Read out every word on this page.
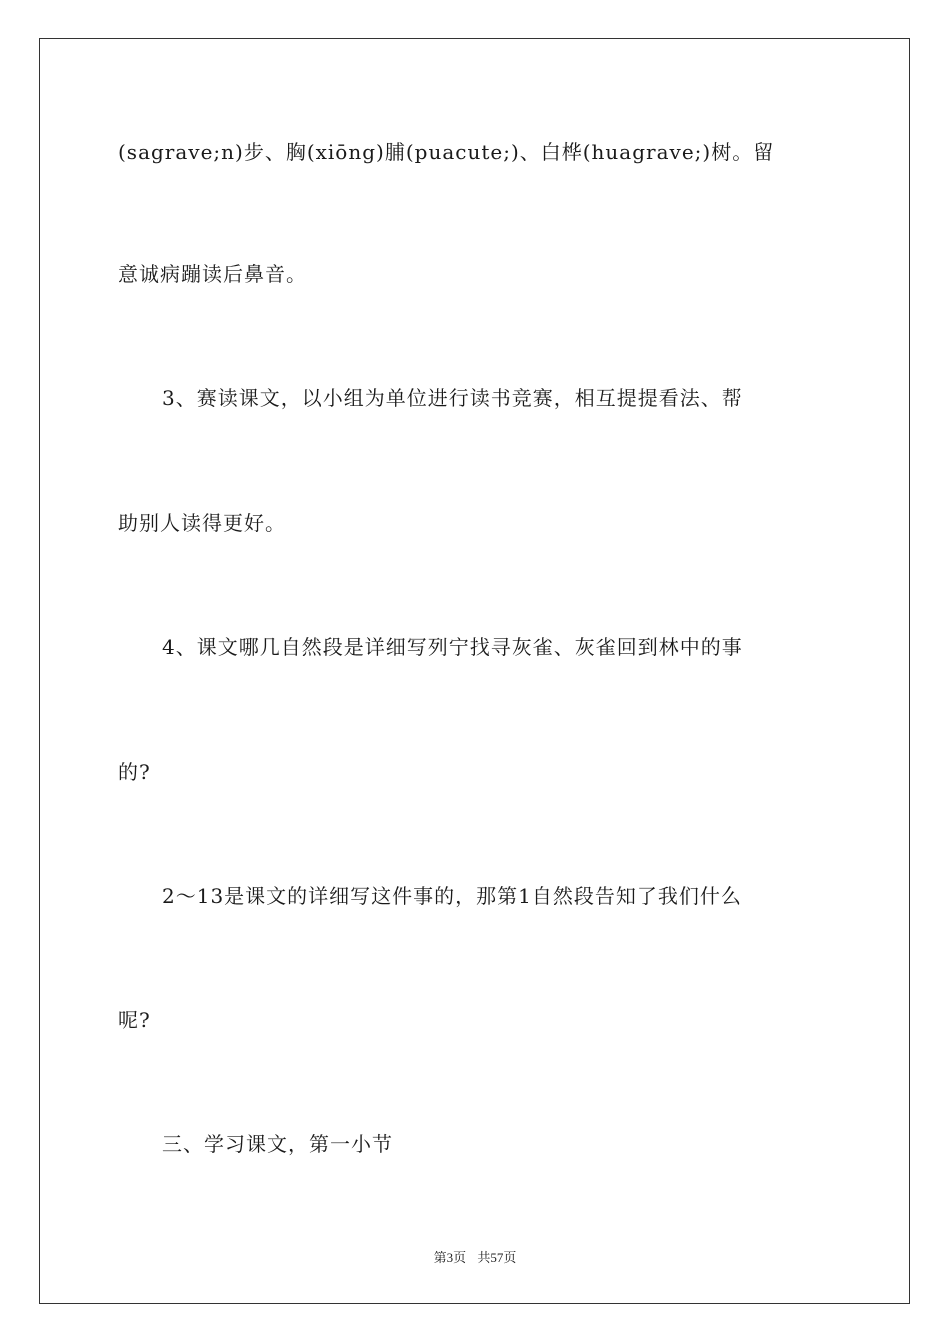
(sagrave;n)步、胸(xiōng)脯(puacute;)、白桦(huagrave;)树。留
意诚病蹦读后鼻音。
3、赛读课文，以小组为单位进行读书竞赛，相互提提看法、帮
助别人读得更好。
4、课文哪几自然段是详细写列宁找寻灰雀、灰雀回到林中的事
的?
2～13是课文的详细写这件事的，那第1自然段告知了我们什么
呢?
三、学习课文，第一小节
第3页 共57页
